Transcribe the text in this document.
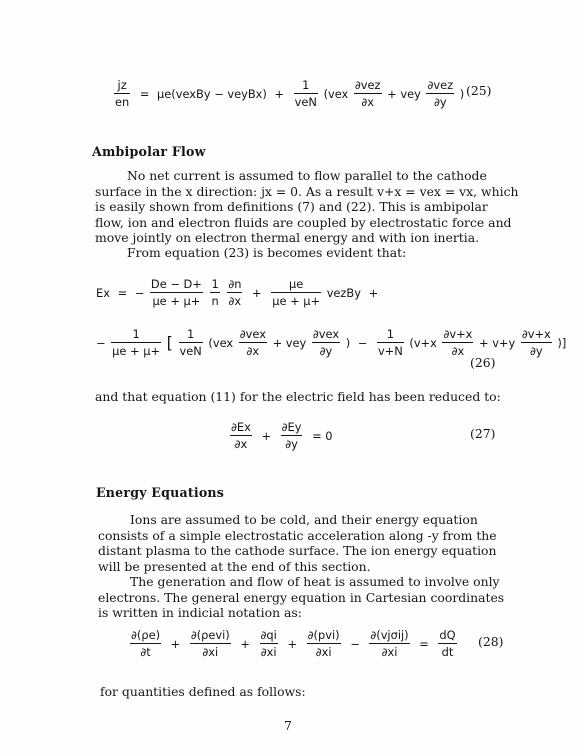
$\frac{jz}{en}$ = μe(vexBy − veyBx) + $\frac{1}{\text{veN}} (vex \frac{\text{∂vez}}{\partial x}$ + vey $\frac{\text{∂vez}}{\partial y}$ ) (25)
Ambipolar Flow
No net current is assumed to flow parallel to the cathode surface in the x direction: jx = 0. As a result v+x = vex = vx, which is easily shown from definitions (7) and (22). This is ambipolar flow, ion and electron fluids are coupled by electrostatic force and move jointly on electron thermal energy and with ion inertia.
From equation (23) is becomes evident that:
Ex = − $\frac{De - D+}{\mu e + \mu+}$
$\frac{1}{n}$
$\frac{\partial n}{\partial x} + \frac{\mu e}{\mu e + \mu+}$ vezBy +
− $\frac{1}{\mu e + \mu+}$ [ $\frac{1}{\text{veN}} (vex \frac{\text{∂vex}}{\partial x}$ + vey $\frac{\text{∂vex}}{\partial y}$ ) − $\frac{1}{v+N} (v+x \frac{\partial v+x}{\partial x} + v+y \frac{\partial v+x}{\partial y}$ )]
(26)
and that equation (11) for the electric field has been reduced to:
$\frac{\partial Ex}{\partial x} + \frac{\partial Ey}{\partial y} = 0$	(27)
Energy Equations
Ions are assumed to be cold, and their energy equation consists of a simple electrostatic acceleration along -y from the distant plasma to the cathode surface. The ion energy equation will be presented at the end of this section.
The generation and flow of heat is assumed to involve only electrons. The general energy equation in Cartesian coordinates is written in indicial notation as:
$\frac{\partial(\rho e)}{\partial t} + \frac{\text{∂(ρevi)}}{\partial xi} + \frac{\partial qi}{\partial xi} + \frac{\text{∂(pvi)}}{\partial xi} - \frac{\text{∂(vjσij)}}{\partial xi} = \frac{dQ}{dt} (28)$
for quantities defined as follows:
7
